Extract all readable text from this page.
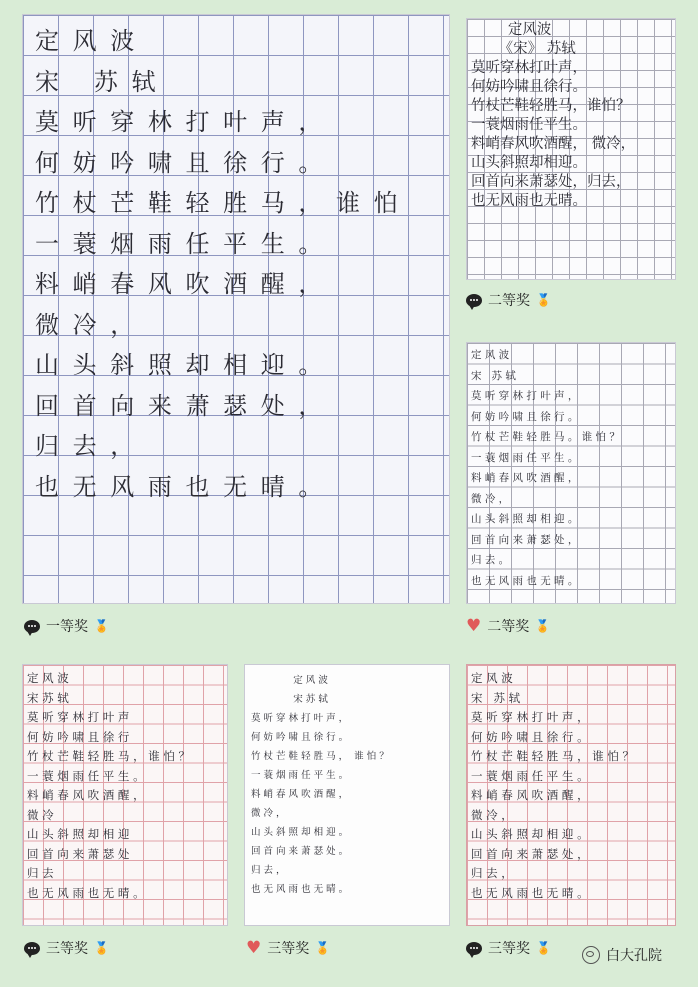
定 风 波
宋   苏 轼
莫 听 穿 林 打 叶 声 ，
何 妨 吟 啸 且 徐 行 。
竹 杖 芒 鞋 轻 胜 马 ， 谁 怕
一 蓑 烟 雨 任 平 生 。
料 峭 春 风 吹 酒 醒 ，
微 冷 ，
山 头 斜 照 却 相 迎 。
回 首 向 来 萧 瑟 处 ，
归 去 ，
也 无 风 雨 也 无 晴 。
定风波
《宋》 苏轼
莫听穿林打叶声，
何妨吟啸且徐行。
竹杖芒鞋轻胜马，谁怕？
一蓑烟雨任平生。
料峭春风吹酒醒， 微冷，
山头斜照却相迎。
回首向来萧瑟处，归去，
也无风雨也无晴。
定 风 波
宋   苏 轼
莫 听 穿 林 打 叶 声 ，
何 妨 吟 啸 且 徐 行 。
竹 杖 芒 鞋 轻 胜 马 。 谁 怕 ？
一 蓑 烟 雨 任 平 生 。
料 峭 春 风 吹 酒 醒 ，
微 冷 ，
山 头 斜 照 却 相 迎 。
回 首 向 来 萧 瑟 处 ，
归 去 。
也 无 风 雨 也 无 晴 。
定 风 波
宋 苏 轼
莫 听 穿 林 打 叶 声
何 妨 吟 啸 且 徐 行
竹 杖 芒 鞋 轻 胜 马 ， 谁 怕 ？
一 蓑 烟 雨 任 平 生 。
料 峭 春 风 吹 酒 醒 ，
微 冷
山 头 斜 照 却 相 迎
回 首 向 来 萧 瑟 处
归 去
也 无 风 雨 也 无 晴 。
定 风 波
宋 苏 轼
莫 听 穿 林 打 叶 声 ，
何 妨 吟 啸 且 徐 行 。
竹 杖 芒 鞋 轻 胜 马 ，  谁 怕 ？
一 蓑 烟 雨 任 平 生 。
料 峭 春 风 吹 酒 醒 ，
微 冷 ，
山 头 斜 照 却 相 迎 。
回 首 向 来 萧 瑟 处 。
归 去 ，
也 无 风 雨 也 无 晴 。
定 风 波
宋   苏 轼
莫 听 穿 林 打 叶 声 ，
何 妨 吟 啸 且 徐 行 。
竹 杖 芒 鞋 轻 胜 马 ， 谁 怕 ？
一 蓑 烟 雨 任 平 生 。
料 峭 春 风 吹 酒 醒 ，
微 冷 ，
山 头 斜 照 却 相 迎 。
回 首 向 来 萧 瑟 处 ，
归 去 ，
也 无 风 雨 也 无 晴 。
一等奖 🏅
二等奖 🏅
♥ 二等奖 🏅
三等奖 🏅	♥ 三等奖 🏅	三等奖 🏅	白大孔院
